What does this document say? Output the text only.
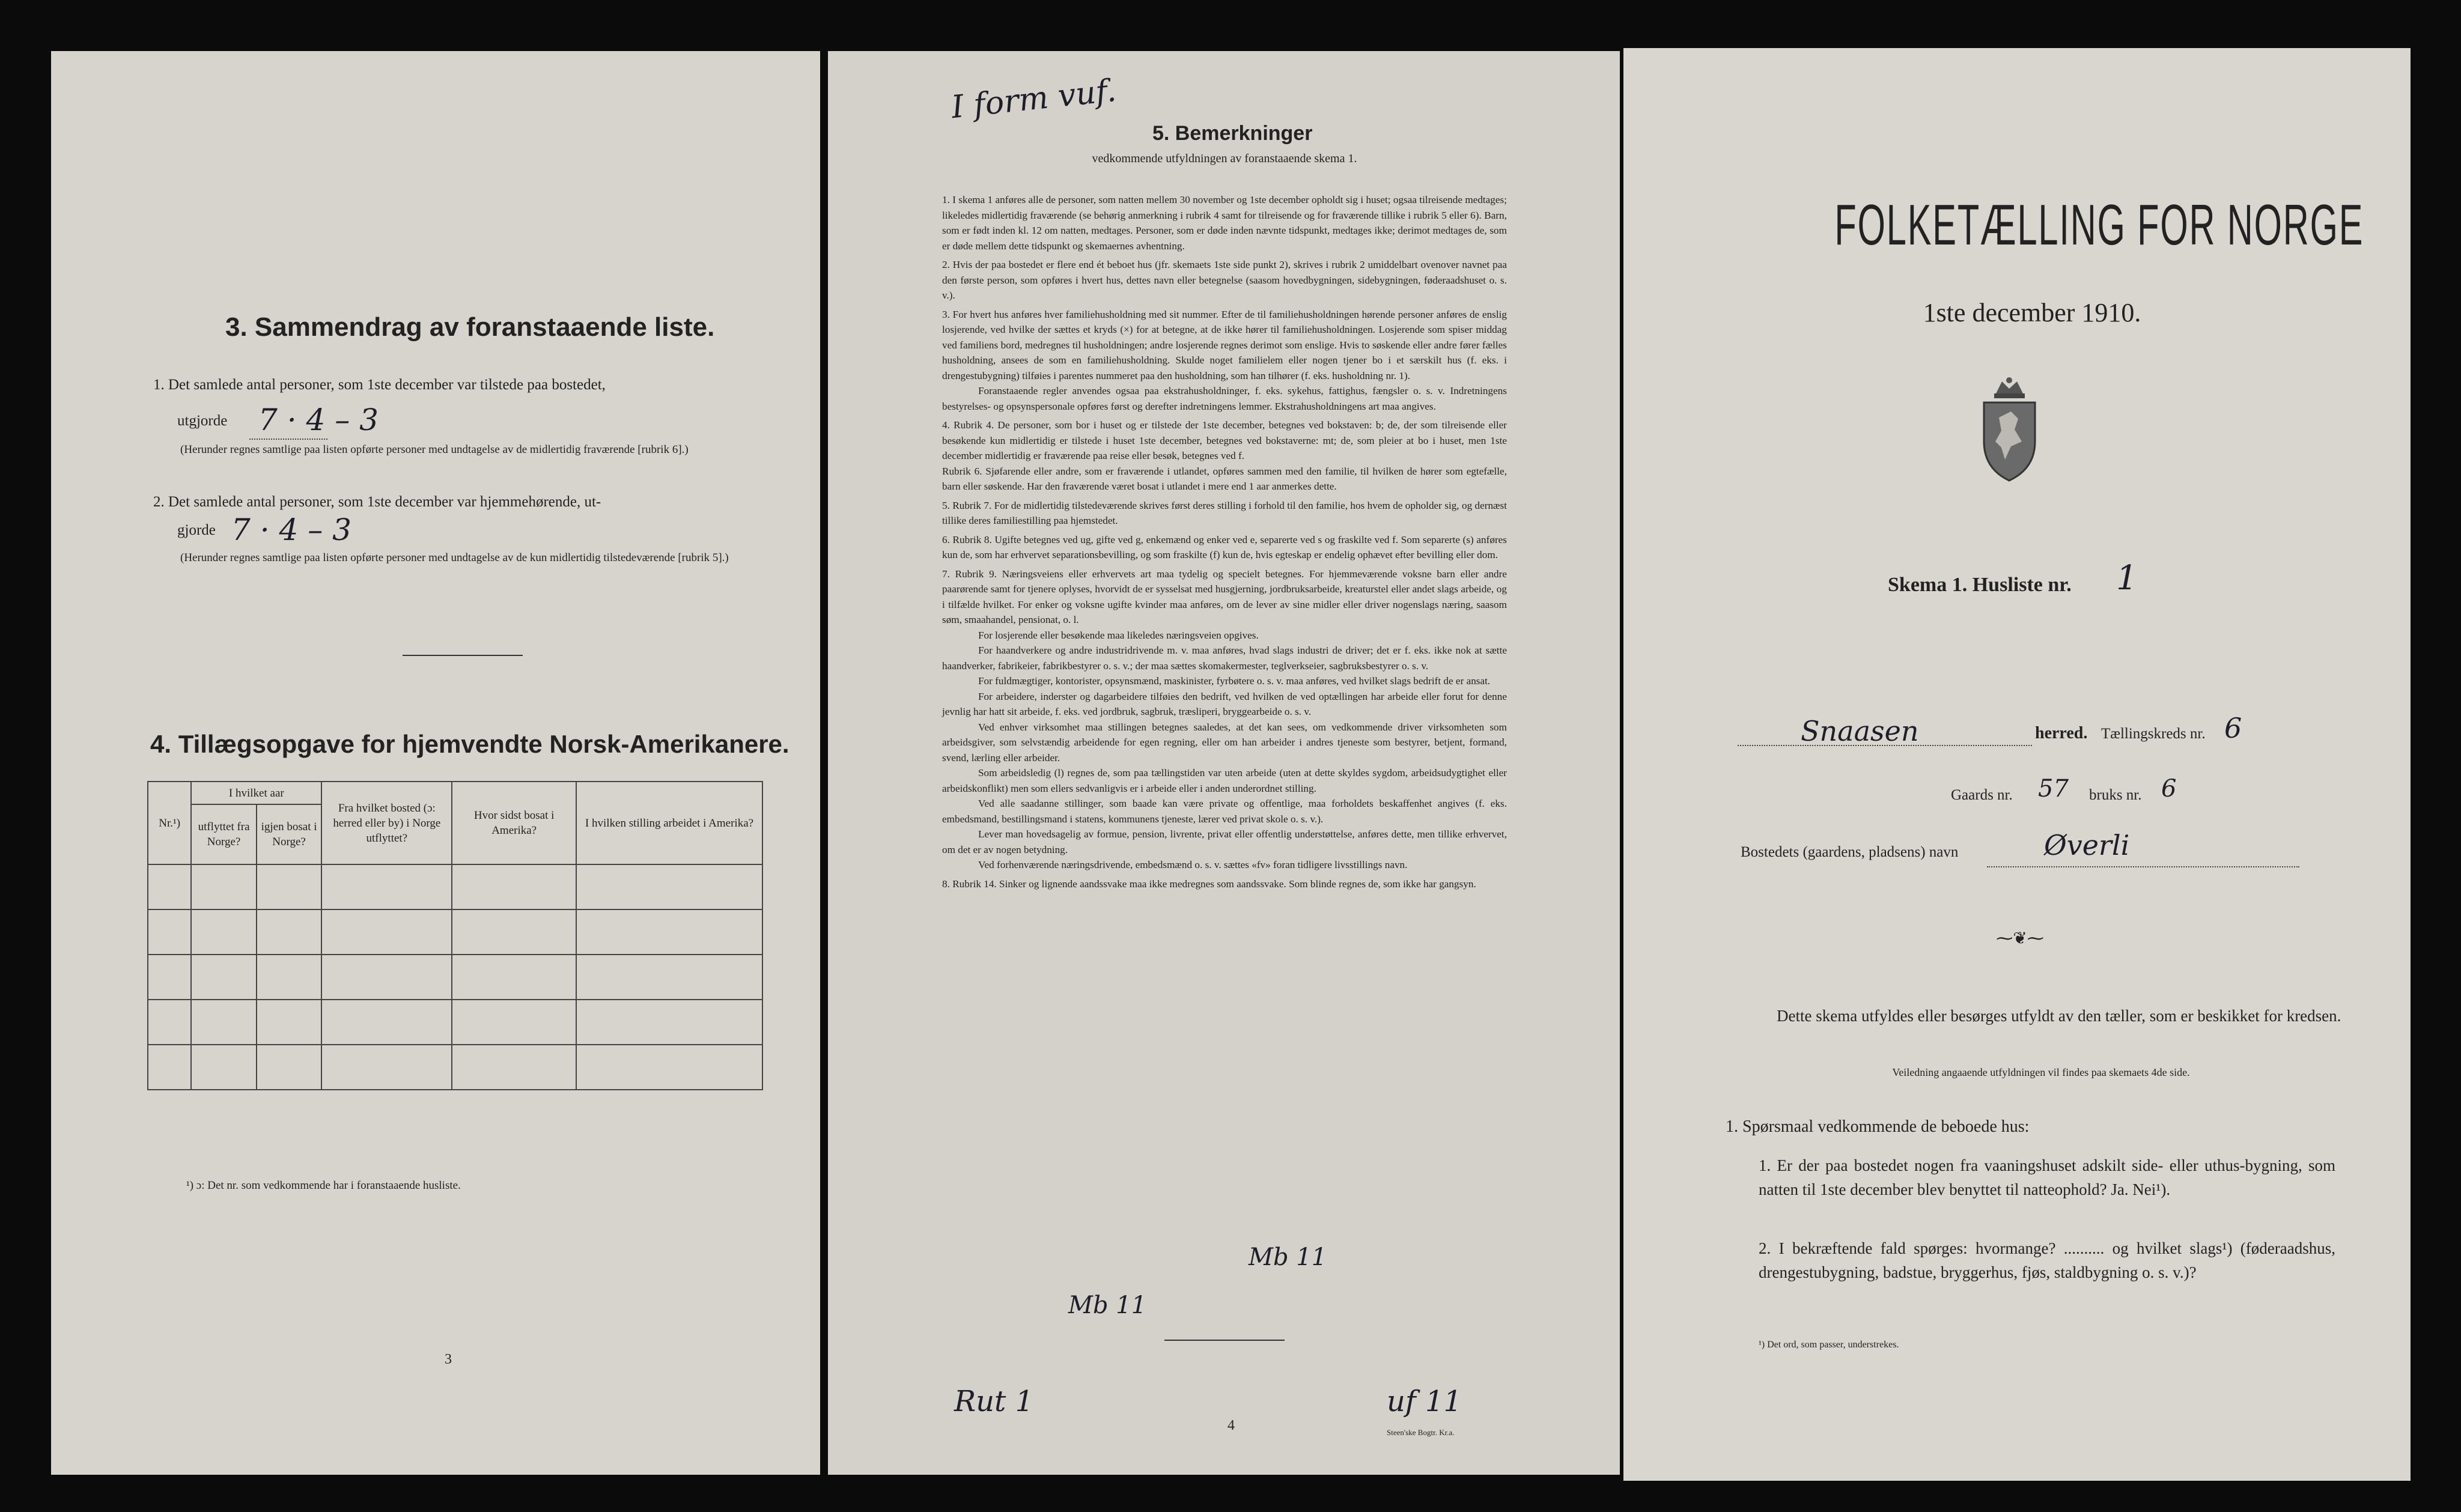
3. Sammendrag av foranstaaende liste.
1. Det samlede antal personer, som 1ste december var tilstede paa bostedet,
utgjorde 7 · 4 – 3
(Herunder regnes samtlige paa listen opførte personer med undtagelse av de midlertidig fraværende [rubrik 6].)
2. Det samlede antal personer, som 1ste december var hjemmehørende, ut-
gjorde 7 · 4 – 3
(Herunder regnes samtlige paa listen opførte personer med undtagelse av de kun midlertidig tilstedeværende [rubrik 5].)
4. Tillægsopgave for hjemvendte Norsk-Amerikanere.
Nr.¹)	I hvilket aar		Fra hvilket bosted (ɔ: herred eller by) i Norge utflyttet?	Hvor sidst bosat i Amerika?	I hvilken stilling arbeidet i Amerika?
	utflyttet fra Norge?	igjen bosat i Norge?			

¹) ɔ: Det nr. som vedkommende har i foranstaaende husliste.
3
I form vuf.
5. Bemerkninger
vedkommende utfyldningen av foranstaaende skema 1.

1. I skema 1 anføres alle de personer, som natten mellem 30 november og 1ste december opholdt sig i huset; ogsaa tilreisende medtages; likeledes midlertidig fraværende (se behørig anmerkning i rubrik 4 samt for tilreisende og for fraværende tillike i rubrik 5 eller 6). Barn, som er født inden kl. 12 om natten, medtages. Personer, som er døde inden nævnte tidspunkt, medtages ikke; derimot medtages de, som er døde mellem dette tidspunkt og skemaernes avhentning.

2. Hvis der paa bostedet er flere end ét beboet hus (jfr. skemaets 1ste side punkt 2), skrives i rubrik 2 umiddelbart ovenover navnet paa den første person, som opføres i hvert hus, dettes navn eller betegnelse (saasom hovedbygningen, sidebygningen, føderaadshuset o. s. v.).

3. For hvert hus anføres hver familiehusholdning med sit nummer. Efter de til familiehusholdningen hørende personer anføres de enslig losjerende, ved hvilke der sættes et kryds (×) for at betegne, at de ikke hører til familiehusholdningen. Losjerende som spiser middag ved familiens bord, medregnes til husholdningen; andre losjerende regnes derimot som enslige. Hvis to søskende eller andre fører fælles husholdning, ansees de som en familiehusholdning. Skulde noget familielem eller nogen tjener bo i et særskilt hus (f. eks. i drengestubygning) tilføies i parentes nummeret paa den husholdning, som han tilhører (f. eks. husholdning nr. 1).

Foranstaaende regler anvendes ogsaa paa ekstrahusholdninger, f. eks. sykehus, fattighus, fængsler o. s. v. Indretningens bestyrelses- og opsynspersonale opføres først og derefter indretningens lemmer. Ekstrahusholdningens art maa angives.

4. Rubrik 4. De personer, som bor i huset og er tilstede der 1ste december, betegnes ved bokstaven: b; de, der som tilreisende eller besøkende kun midlertidig er tilstede i huset 1ste december, betegnes ved bokstaverne: mt; de, som pleier at bo i huset, men 1ste december midlertidig er fraværende paa reise eller besøk, betegnes ved f.

Rubrik 6. Sjøfarende eller andre, som er fraværende i utlandet, opføres sammen med den familie, til hvilken de hører som egtefælle, barn eller søskende. Har den fraværende været bosat i utlandet i mere end 1 aar anmerkes dette.

5. Rubrik 7. For de midlertidig tilstedeværende skrives først deres stilling i forhold til den familie, hos hvem de opholder sig, og dernæst tillike deres familiestilling paa hjemstedet.

6. Rubrik 8. Ugifte betegnes ved ug, gifte ved g, enkemænd og enker ved e, separerte ved s og fraskilte ved f. Som separerte (s) anføres kun de, som har erhvervet separationsbevilling, og som fraskilte (f) kun de, hvis egteskap er endelig ophævet efter bevilling eller dom.

7. Rubrik 9. Næringsveiens eller erhvervets art maa tydelig og specielt betegnes. For hjemmeværende voksne barn eller andre paarørende samt for tjenere oplyses, hvorvidt de er sysselsat med husgjerning, jordbruksarbeide, kreaturstel eller andet slags arbeide, og i tilfælde hvilket. For enker og voksne ugifte kvinder maa anføres, om de lever av sine midler eller driver nogenslags næring, saasom søm, smaahandel, pensionat, o. l.

For losjerende eller besøkende maa likeledes næringsveien opgives.

For haandverkere og andre industridrivende m. v. maa anføres, hvad slags industri de driver; det er f. eks. ikke nok at sætte haandverker, fabrikeier, fabrikbestyrer o. s. v.; der maa sættes skomakermester, teglverkseier, sagbruksbestyrer o. s. v.

For fuldmægtiger, kontorister, opsynsmænd, maskinister, fyrbøtere o. s. v. maa anføres, ved hvilket slags bedrift de er ansat.

For arbeidere, inderster og dagarbeidere tilføies den bedrift, ved hvilken de ved optællingen har arbeide eller forut for denne jevnlig har hatt sit arbeide, f. eks. ved jordbruk, sagbruk, træsliperi, bryggearbeide o. s. v.

Ved enhver virksomhet maa stillingen betegnes saaledes, at det kan sees, om vedkommende driver virksomheten som arbeidsgiver, som selvstændig arbeidende for egen regning, eller om han arbeider i andres tjeneste som bestyrer, betjent, formand, svend, lærling eller arbeider.

Som arbeidsledig (l) regnes de, som paa tællingstiden var uten arbeide (uten at dette skyldes sygdom, arbeidsudygtighet eller arbeidskonflikt) men som ellers sedvanligvis er i arbeide eller i anden underordnet stilling.

Ved alle saadanne stillinger, som baade kan være private og offentlige, maa forholdets beskaffenhet angives (f. eks. embedsmand, bestillingsmand i statens, kommunens tjeneste, lærer ved privat skole o. s. v.).

Lever man hovedsagelig av formue, pension, livrente, privat eller offentlig understøttelse, anføres dette, men tillike erhvervet, om det er av nogen betydning.

Ved forhenværende næringsdrivende, embedsmænd o. s. v. sættes «fv» foran tidligere livsstillings navn.

8. Rubrik 14. Sinker og lignende aandssvake maa ikke medregnes som aandssvake. Som blinde regnes de, som ikke har gangsyn.

Mb 11
Mb 11
Rut 1
4
uf 11
Steen'ske Bogtr. Kr.a.
FOLKETÆLLING FOR NORGE
1ste december 1910.
Skema 1. Husliste nr. 1
Snaasen	herred. Tællingskreds nr. 6
Gaards nr. 57 bruks nr. 6
Bostedets (gaardens, pladsens) navn	Øverli
⁓❦⁓
Dette skema utfyldes eller besørges utfyldt av den tæller, som er beskikket for kredsen.
Veiledning angaaende utfyldningen vil findes paa skemaets 4de side.
1. Spørsmaal vedkommende de beboede hus:
1. Er der paa bostedet nogen fra vaaningshuset adskilt side- eller uthus-bygning, som natten til 1ste december blev benyttet til natteophold? Ja. Nei¹).
2. I bekræftende fald spørges: hvormange? .......... og hvilket slags¹) (føderaadshus, drengestubygning, badstue, bryggerhus, fjøs, staldbygning o. s. v.)?
¹) Det ord, som passer, understrekes.
